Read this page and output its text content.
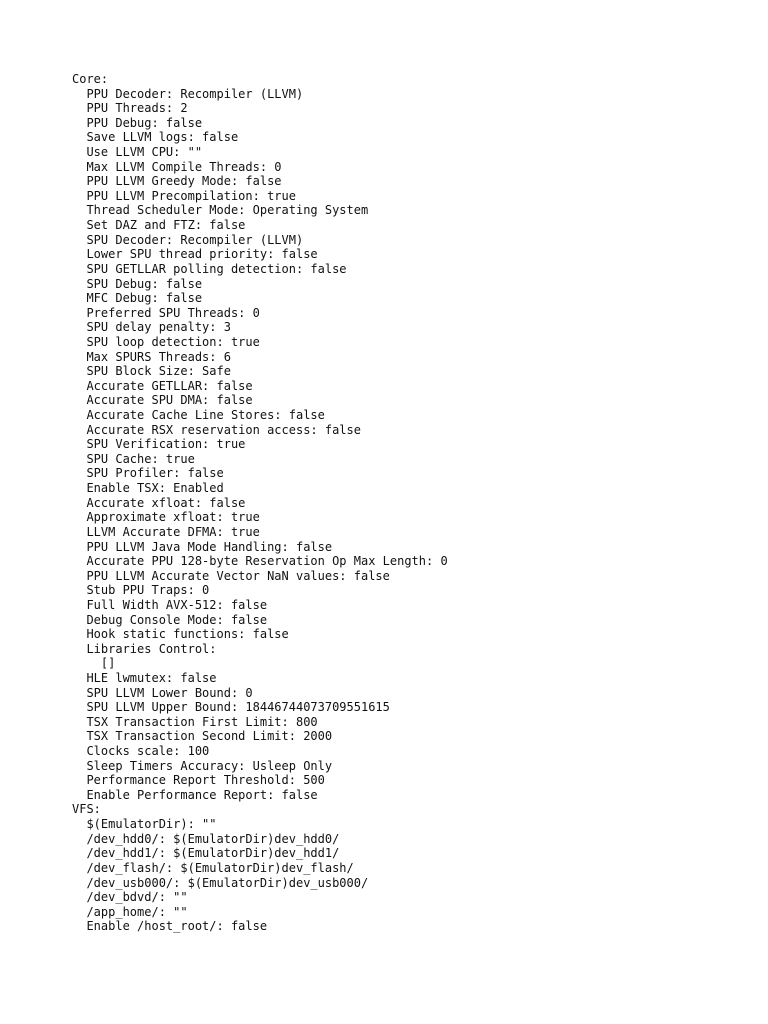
Core:
PPU Decoder: Recompiler (LLVM)
PPU Threads: 2
PPU Debug: false
Save LLVM logs: false
Use LLVM CPU: ""
Max LLVM Compile Threads: 0
PPU LLVM Greedy Mode: false
PPU LLVM Precompilation: true
Thread Scheduler Mode: Operating System
Set DAZ and FTZ: false
SPU Decoder: Recompiler (LLVM)
Lower SPU thread priority: false
SPU GETLLAR polling detection: false
SPU Debug: false
MFC Debug: false
Preferred SPU Threads: 0
SPU delay penalty: 3
SPU loop detection: true
Max SPURS Threads: 6
SPU Block Size: Safe
Accurate GETLLAR: false
Accurate SPU DMA: false
Accurate Cache Line Stores: false
Accurate RSX reservation access: false
SPU Verification: true
SPU Cache: true
SPU Profiler: false
Enable TSX: Enabled
Accurate xfloat: false
Approximate xfloat: true
LLVM Accurate DFMA: true
PPU LLVM Java Mode Handling: false
Accurate PPU 128-byte Reservation Op Max Length: 0
PPU LLVM Accurate Vector NaN values: false
Stub PPU Traps: 0
Full Width AVX-512: false
Debug Console Mode: false
Hook static functions: false
Libraries Control:
[]
HLE lwmutex: false
SPU LLVM Lower Bound: 0
SPU LLVM Upper Bound: 18446744073709551615
TSX Transaction First Limit: 800
TSX Transaction Second Limit: 2000
Clocks scale: 100
Sleep Timers Accuracy: Usleep Only
Performance Report Threshold: 500
Enable Performance Report: false
VFS:
$(EmulatorDir): ""
/dev_hdd0/: $(EmulatorDir)dev_hdd0/
/dev_hdd1/: $(EmulatorDir)dev_hdd1/
/dev_flash/: $(EmulatorDir)dev_flash/
/dev_usb000/: $(EmulatorDir)dev_usb000/
/dev_bdvd/: ""
/app_home/: ""
Enable /host_root/: false
